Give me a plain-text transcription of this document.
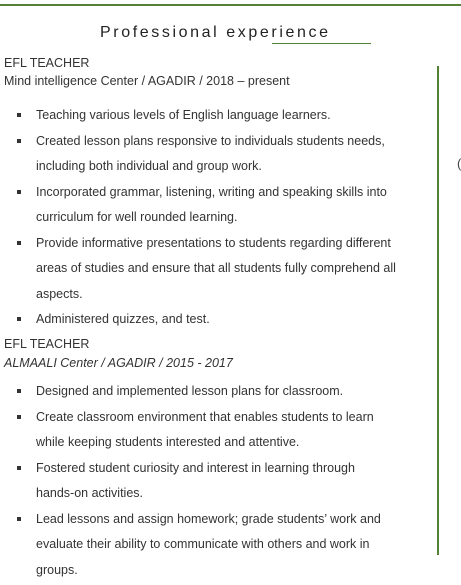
Professional experience
(
EFL TEACHER
Mind intelligence Center / AGADIR / 2018 – present
Teaching various levels of English language learners.
Created lesson plans responsive to individuals students needs, including both individual and group work.
Incorporated grammar, listening, writing and speaking skills into curriculum for well rounded learning.
Provide informative presentations to students regarding different areas of studies and ensure that all students fully comprehend all aspects.
Administered quizzes, and test.
EFL TEACHER
ALMAALI Center / AGADIR / 2015 - 2017
Designed and implemented lesson plans for classroom.
Create classroom environment that enables students to learn while keeping students interested and attentive.
Fostered student curiosity and interest in learning through hands-on activities.
Lead lessons and assign homework; grade students’ work and evaluate their ability to communicate with others and work in groups.
